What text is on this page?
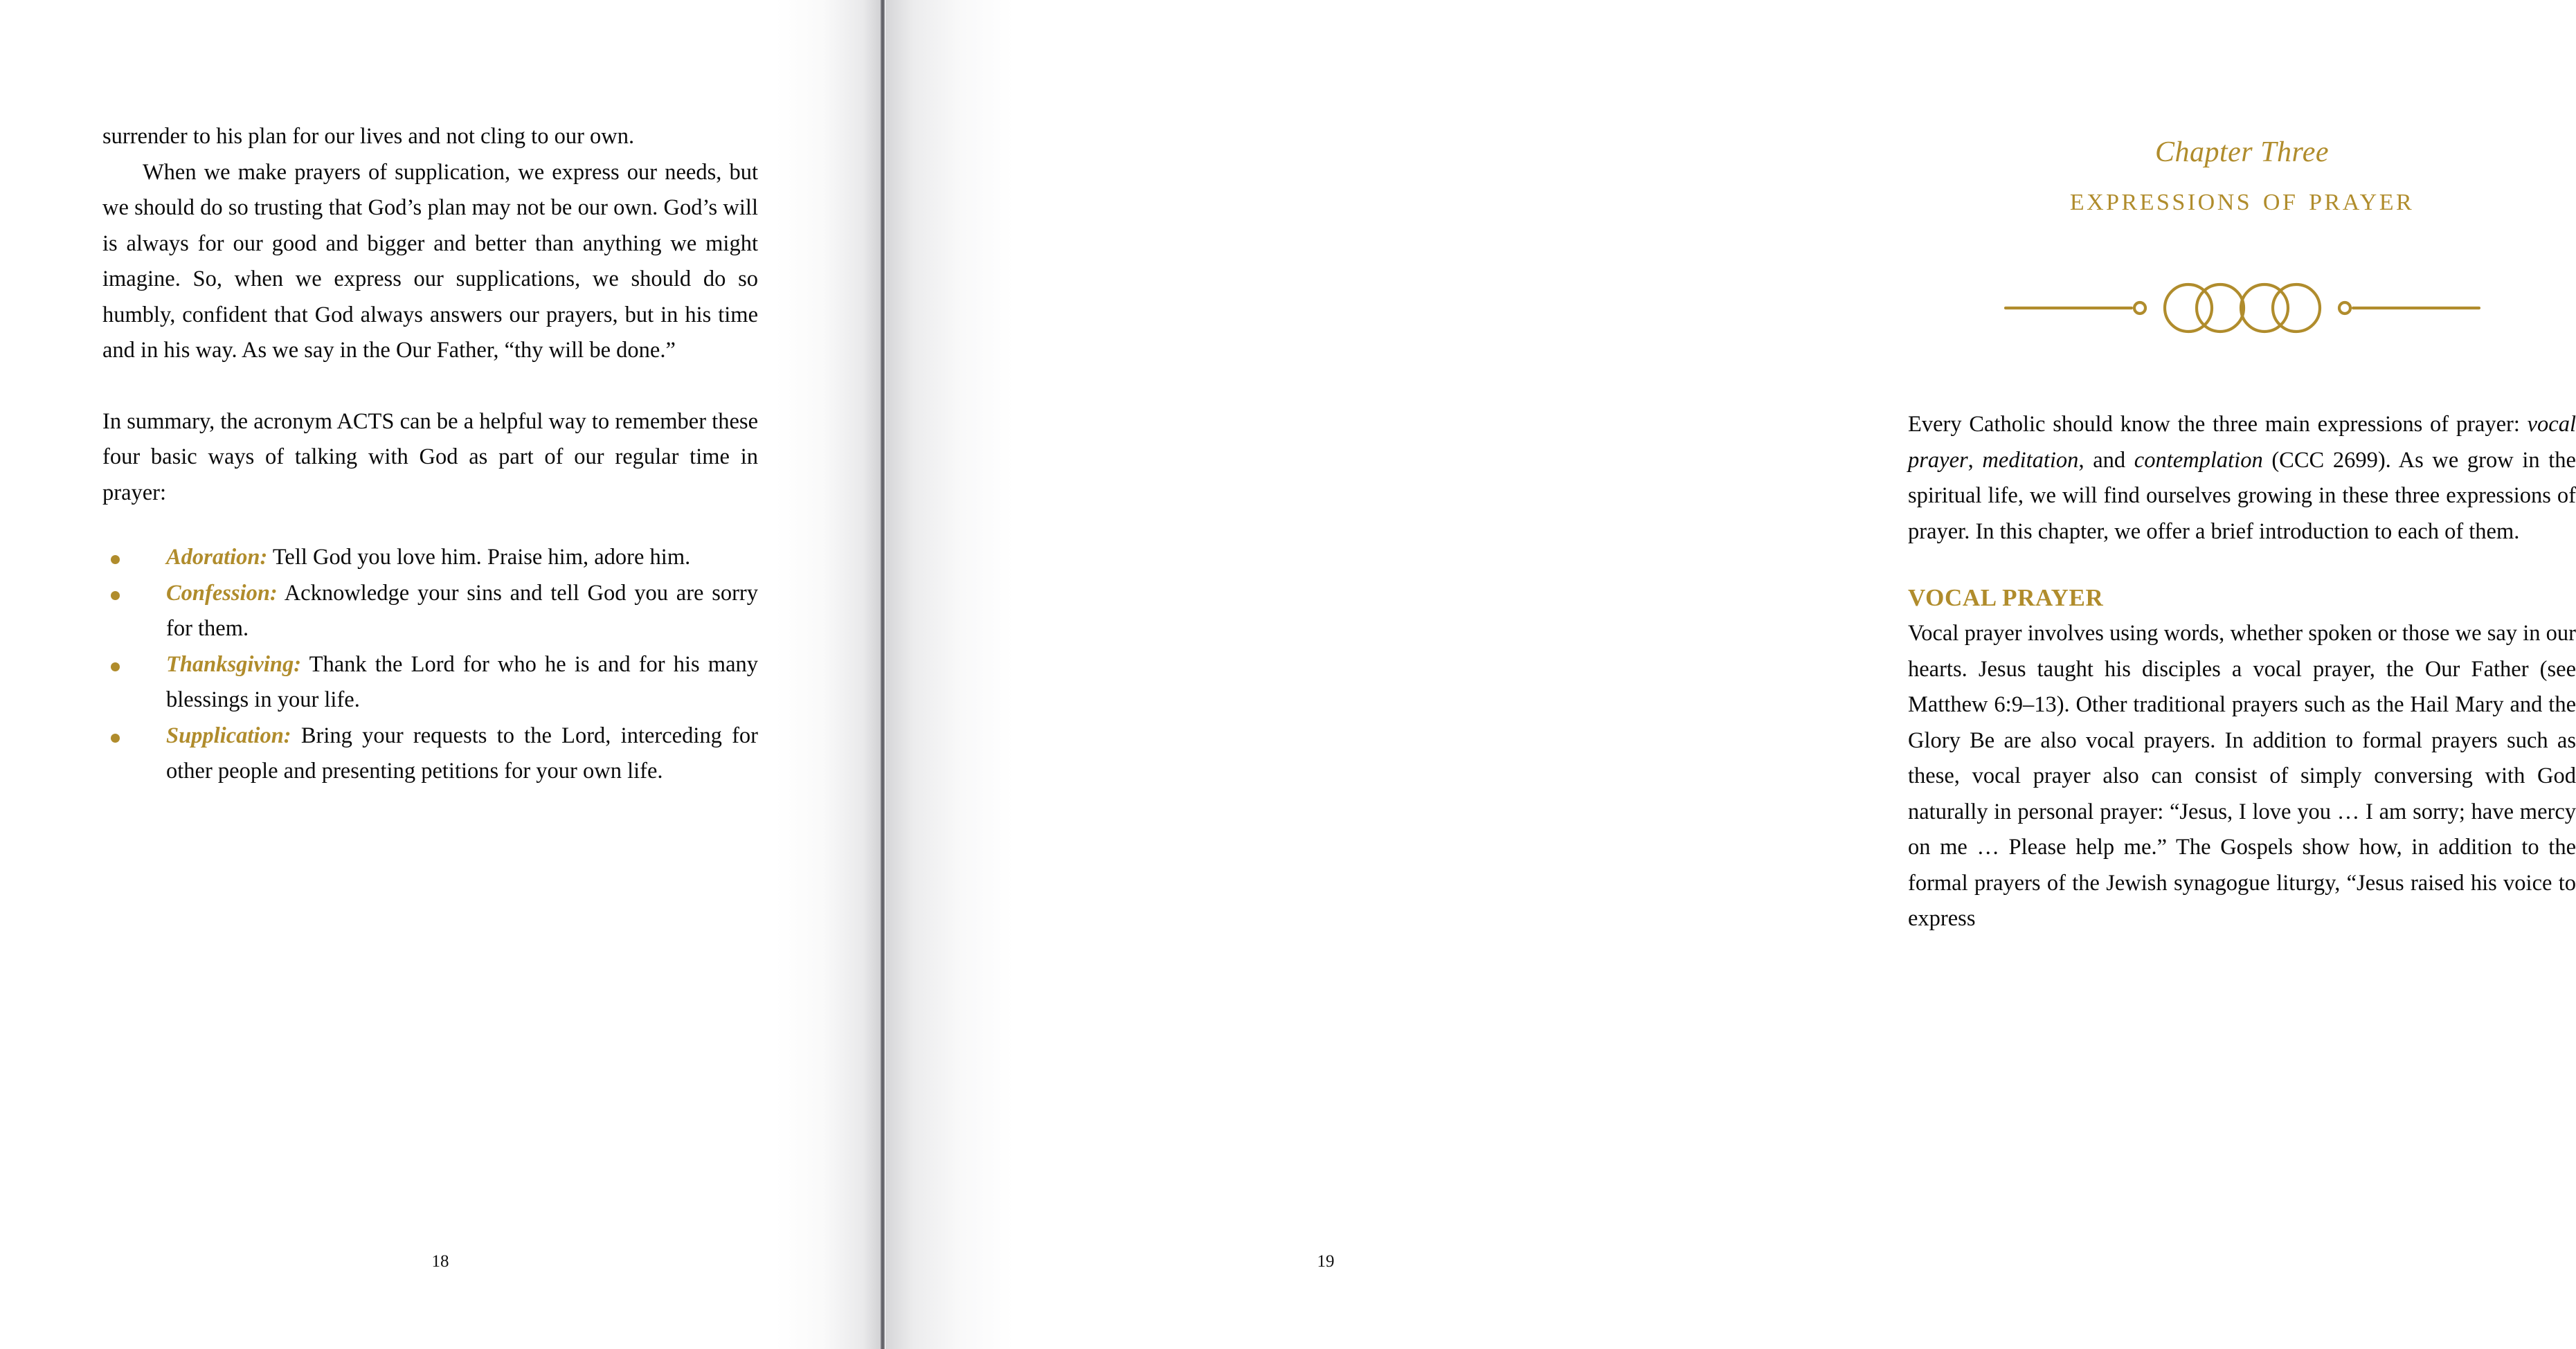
surrender to his plan for our lives and not cling to our own.

When we make prayers of supplication, we express our needs, but we should do so trusting that God’s plan may not be our own. God’s will is always for our good and bigger and better than anything we might imagine. So, when we express our supplications, we should do so humbly, confident that God always answers our prayers, but in his time and in his way. As we say in the Our Father, “thy will be done.”

In summary, the acronym ACTS can be a helpful way to remember these four basic ways of talking with God as part of our regular time in prayer:

Adoration: Tell God you love him. Praise him, adore him.
Confession: Acknowledge your sins and tell God you are sorry for them.
Thanksgiving: Thank the Lord for who he is and for his many blessings in your life.
Supplication: Bring your requests to the Lord, interceding for other people and presenting petitions for your own life.
18
Chapter Three
expressions of prayer

Every Catholic should know the three main expressions of prayer: vocal prayer, meditation, and contemplation (CCC 2699). As we grow in the spiritual life, we will find ourselves growing in these three expressions of prayer. In this chapter, we offer a brief introduction to each of them.

VOCAL PRAYER

Vocal prayer involves using words, whether spoken or those we say in our hearts. Jesus taught his disciples a vocal prayer, the Our Father (see Matthew 6:9–13). Other traditional prayers such as the Hail Mary and the Glory Be are also vocal prayers. In addition to formal prayers such as these, vocal prayer also can consist of simply conversing with God naturally in personal prayer: “Jesus, I love you … I am sorry; have mercy on me … Please help me.” The Gospels show how, in addition to the formal prayers of the Jewish synagogue liturgy, “Jesus raised his voice to express

19
